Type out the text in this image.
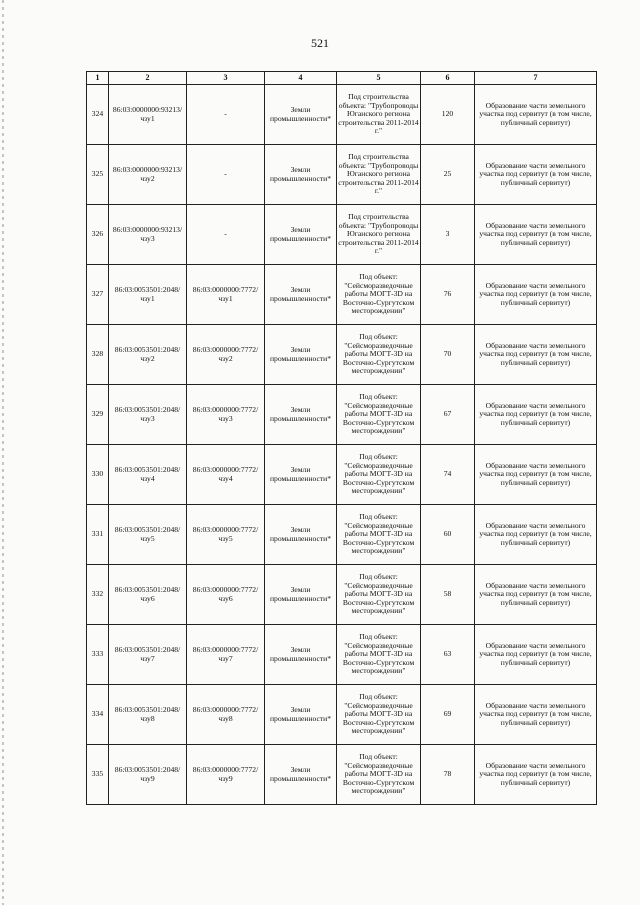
521
1	2	3	4	5	6	7
324	86:03:0000000:93213/чзу1	-	Земли промышленности*	Под строительства объекта: "Трубопроводы Юганского региона строительства 2011-2014 г."	120	Образование части земельного участка под сервитут (в том числе, публичный сервитут)
325	86:03:0000000:93213/чзу2	-	Земли промышленности*	Под строительства объекта: "Трубопроводы Юганского региона строительства 2011-2014 г."	25	Образование части земельного участка под сервитут (в том числе, публичный сервитут)
326	86:03:0000000:93213/чзу3	-	Земли промышленности*	Под строительства объекта: "Трубопроводы Юганского региона строительства 2011-2014 г."	3	Образование части земельного участка под сервитут (в том числе, публичный сервитут)
327	86:03:0053501:2048/чзу1	86:03:0000000:7772/чзу1	Земли промышленности*	Под объект: "Сейсморазведочные работы МОГТ-3D на Восточно-Сургутском месторождении"	76	Образование части земельного участка под сервитут (в том числе, публичный сервитут)
328	86:03:0053501:2048/чзу2	86:03:0000000:7772/чзу2	Земли промышленности*	Под объект: "Сейсморазведочные работы МОГТ-3D на Восточно-Сургутском месторождении"	70	Образование части земельного участка под сервитут (в том числе, публичный сервитут)
329	86:03:0053501:2048/чзу3	86:03:0000000:7772/чзу3	Земли промышленности*	Под объект: "Сейсморазведочные работы МОГТ-3D на Восточно-Сургутском месторождении"	67	Образование части земельного участка под сервитут (в том числе, публичный сервитут)
330	86:03:0053501:2048/чзу4	86:03:0000000:7772/чзу4	Земли промышленности*	Под объект: "Сейсморазведочные работы МОГТ-3D на Восточно-Сургутском месторождении"	74	Образование части земельного участка под сервитут (в том числе, публичный сервитут)
331	86:03:0053501:2048/чзу5	86:03:0000000:7772/чзу5	Земли промышленности*	Под объект: "Сейсморазведочные работы МОГТ-3D на Восточно-Сургутском месторождении"	60	Образование части земельного участка под сервитут (в том числе, публичный сервитут)
332	86:03:0053501:2048/чзу6	86:03:0000000:7772/чзу6	Земли промышленности*	Под объект: "Сейсморазведочные работы МОГТ-3D на Восточно-Сургутском месторождении"	58	Образование части земельного участка под сервитут (в том числе, публичный сервитут)
333	86:03:0053501:2048/чзу7	86:03:0000000:7772/чзу7	Земли промышленности*	Под объект: "Сейсморазведочные работы МОГТ-3D на Восточно-Сургутском месторождении"	63	Образование части земельного участка под сервитут (в том числе, публичный сервитут)
334	86:03:0053501:2048/чзу8	86:03:0000000:7772/чзу8	Земли промышленности*	Под объект: "Сейсморазведочные работы МОГТ-3D на Восточно-Сургутском месторождении"	69	Образование части земельного участка под сервитут (в том числе, публичный сервитут)
335	86:03:0053501:2048/чзу9	86:03:0000000:7772/чзу9	Земли промышленности*	Под объект: "Сейсморазведочные работы МОГТ-3D на Восточно-Сургутском месторождении"	78	Образование части земельного участка под сервитут (в том числе, публичный сервитут)
